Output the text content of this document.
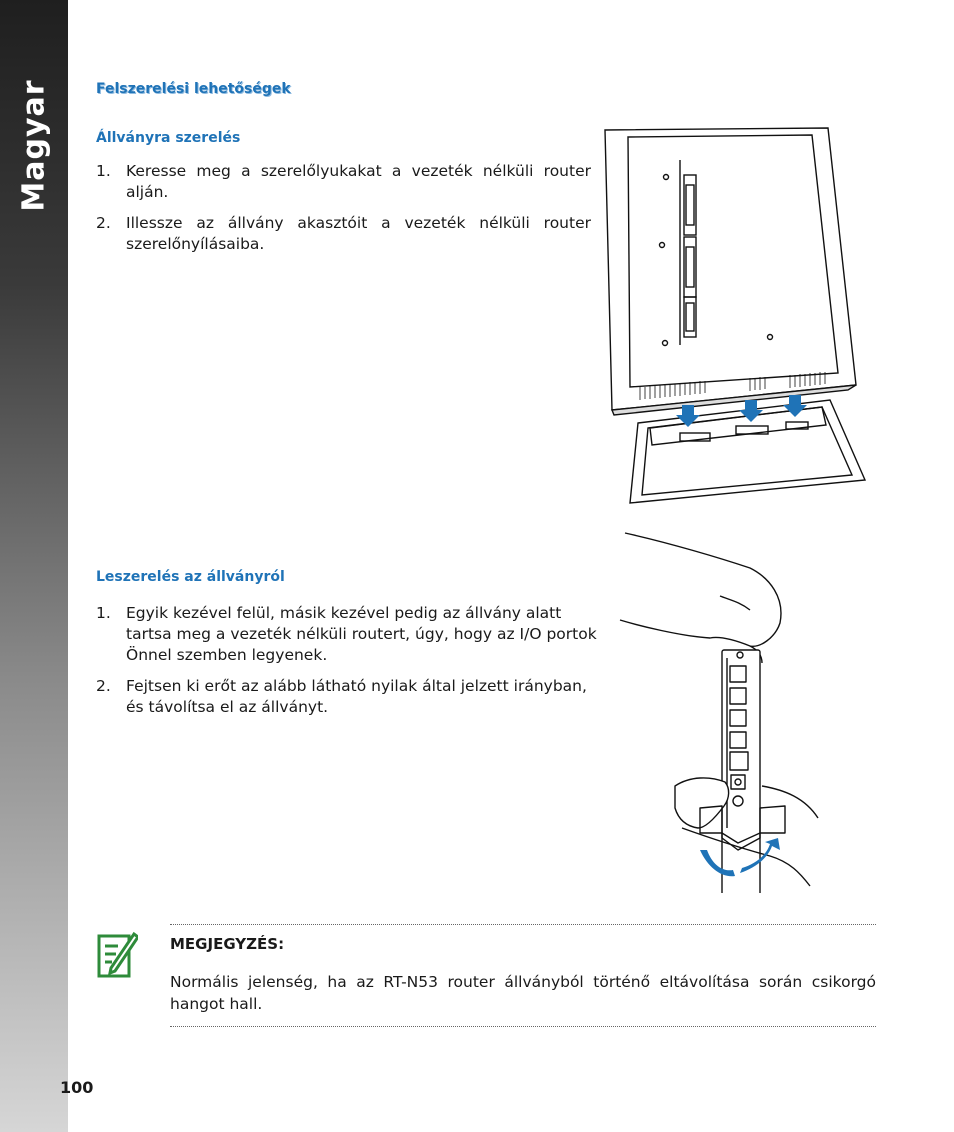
Magyar	Felszerelési lehetőségek
Állványra szerelés
1. Keresse meg a szerelőlyukakat a vezeték nélküli router alján.
2. Illessze az állvány akasztóit a vezeték nélküli router szerelőnyílásaiba.
Leszerelés az állványról
1. Egyik kezével felül, másik kezével pedig az állvány alatt tartsa meg a vezeték nélküli routert, úgy, hogy az I/O portok Önnel szemben legyenek.
2. Fejtsen ki erőt az alább látható nyilak által jelzett irányban, és távolítsa el az állványt.
MEGJEGYZÉS:
Normális jelenség, ha az RT-N53 router állványból történő eltávolítása során csikorgó hangot hall.
100
